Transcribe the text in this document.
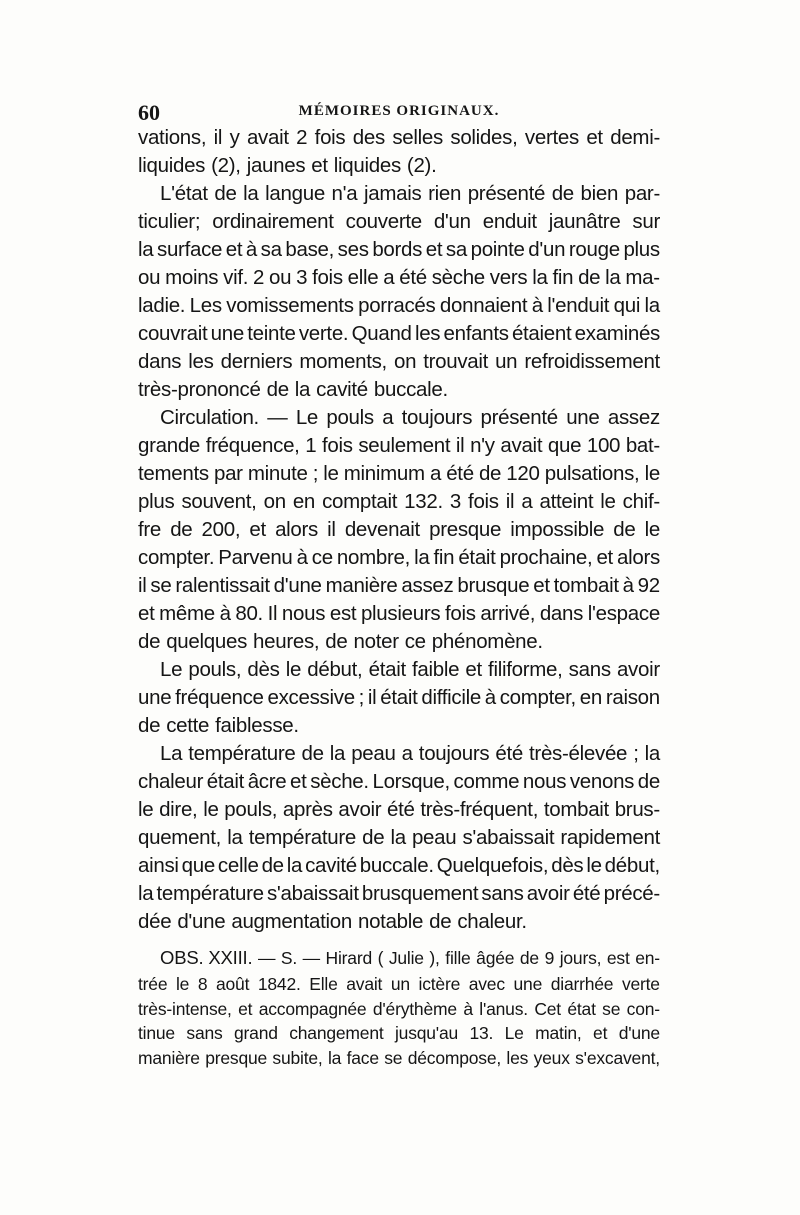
60	MÉMOIRES ORIGINAUX.
vations, il y avait 2 fois des selles solides, vertes et demi-
liquides (2), jaunes et liquides (2).
L'état de la langue n'a jamais rien présenté de bien par-
ticulier; ordinairement couverte d'un enduit jaunâtre sur
la surface et à sa base, ses bords et sa pointe d'un rouge plus
ou moins vif. 2 ou 3 fois elle a été sèche vers la fin de la ma-
ladie. Les vomissements porracés donnaient à l'enduit qui la
couvrait une teinte verte. Quand les enfants étaient examinés
dans les derniers moments, on trouvait un refroidissement
très-prononcé de la cavité buccale.
Circulation. — Le pouls a toujours présenté une assez
grande fréquence, 1 fois seulement il n'y avait que 100 bat-
tements par minute ; le minimum a été de 120 pulsations, le
plus souvent, on en comptait 132. 3 fois il a atteint le chif-
fre de 200, et alors il devenait presque impossible de le
compter. Parvenu à ce nombre, la fin était prochaine, et alors
il se ralentissait d'une manière assez brusque et tombait à 92
et même à 80. Il nous est plusieurs fois arrivé, dans l'espace
de quelques heures, de noter ce phénomène.
Le pouls, dès le début, était faible et filiforme, sans avoir
une fréquence excessive ; il était difficile à compter, en raison
de cette faiblesse.
La température de la peau a toujours été très-élevée ; la
chaleur était âcre et sèche. Lorsque, comme nous venons de
le dire, le pouls, après avoir été très-fréquent, tombait brus-
quement, la température de la peau s'abaissait rapidement
ainsi que celle de la cavité buccale. Quelquefois, dès le début,
la température s'abaissait brusquement sans avoir été précé-
dée d'une augmentation notable de chaleur.
OBS. XXIII. — S. — Hirard ( Julie ), fille âgée de 9 jours, est en-
trée le 8 août 1842. Elle avait un ictère avec une diarrhée verte
très-intense, et accompagnée d'érythème à l'anus. Cet état se con-
tinue sans grand changement jusqu'au 13. Le matin, et d'une
manière presque subite, la face se décompose, les yeux s'excavent,
